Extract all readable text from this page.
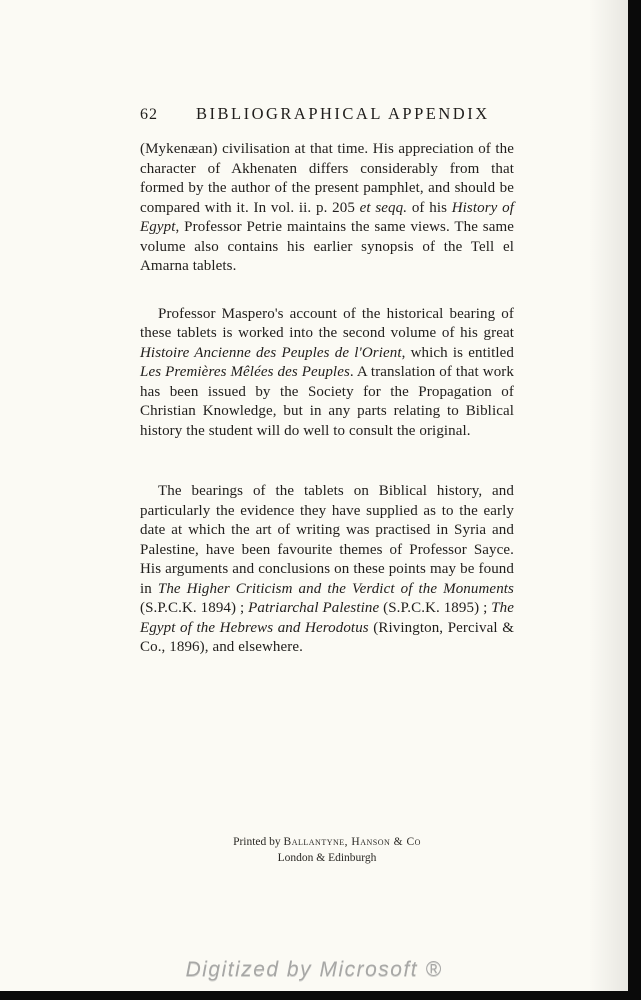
62 BIBLIOGRAPHICAL APPENDIX

(Mykenæan) civilisation at that time. His appreciation of the character of Akhenaten differs considerably from that formed by the author of the present pamphlet, and should be compared with it. In vol. ii. p. 205 et seqq. of his History of Egypt, Professor Petrie maintains the same views. The same volume also contains his earlier synopsis of the Tell el Amarna tablets.

Professor Maspero's account of the historical bearing of these tablets is worked into the second volume of his great Histoire Ancienne des Peuples de l'Orient, which is entitled Les Premières Mêlées des Peuples. A translation of that work has been issued by the Society for the Propagation of Christian Knowledge, but in any parts relating to Biblical history the student will do well to consult the original.

The bearings of the tablets on Biblical history, and particularly the evidence they have supplied as to the early date at which the art of writing was practised in Syria and Palestine, have been favourite themes of Professor Sayce. His arguments and conclusions on these points may be found in The Higher Criticism and the Verdict of the Monuments (S.P.C.K. 1894) ; Patriarchal Palestine (S.P.C.K. 1895) ; The Egypt of the Hebrews and Herodotus (Rivington, Percival & Co., 1896), and elsewhere.

Printed by Ballantyne, Hanson & Co
London & Edinburgh
Digitized by Microsoft ®
